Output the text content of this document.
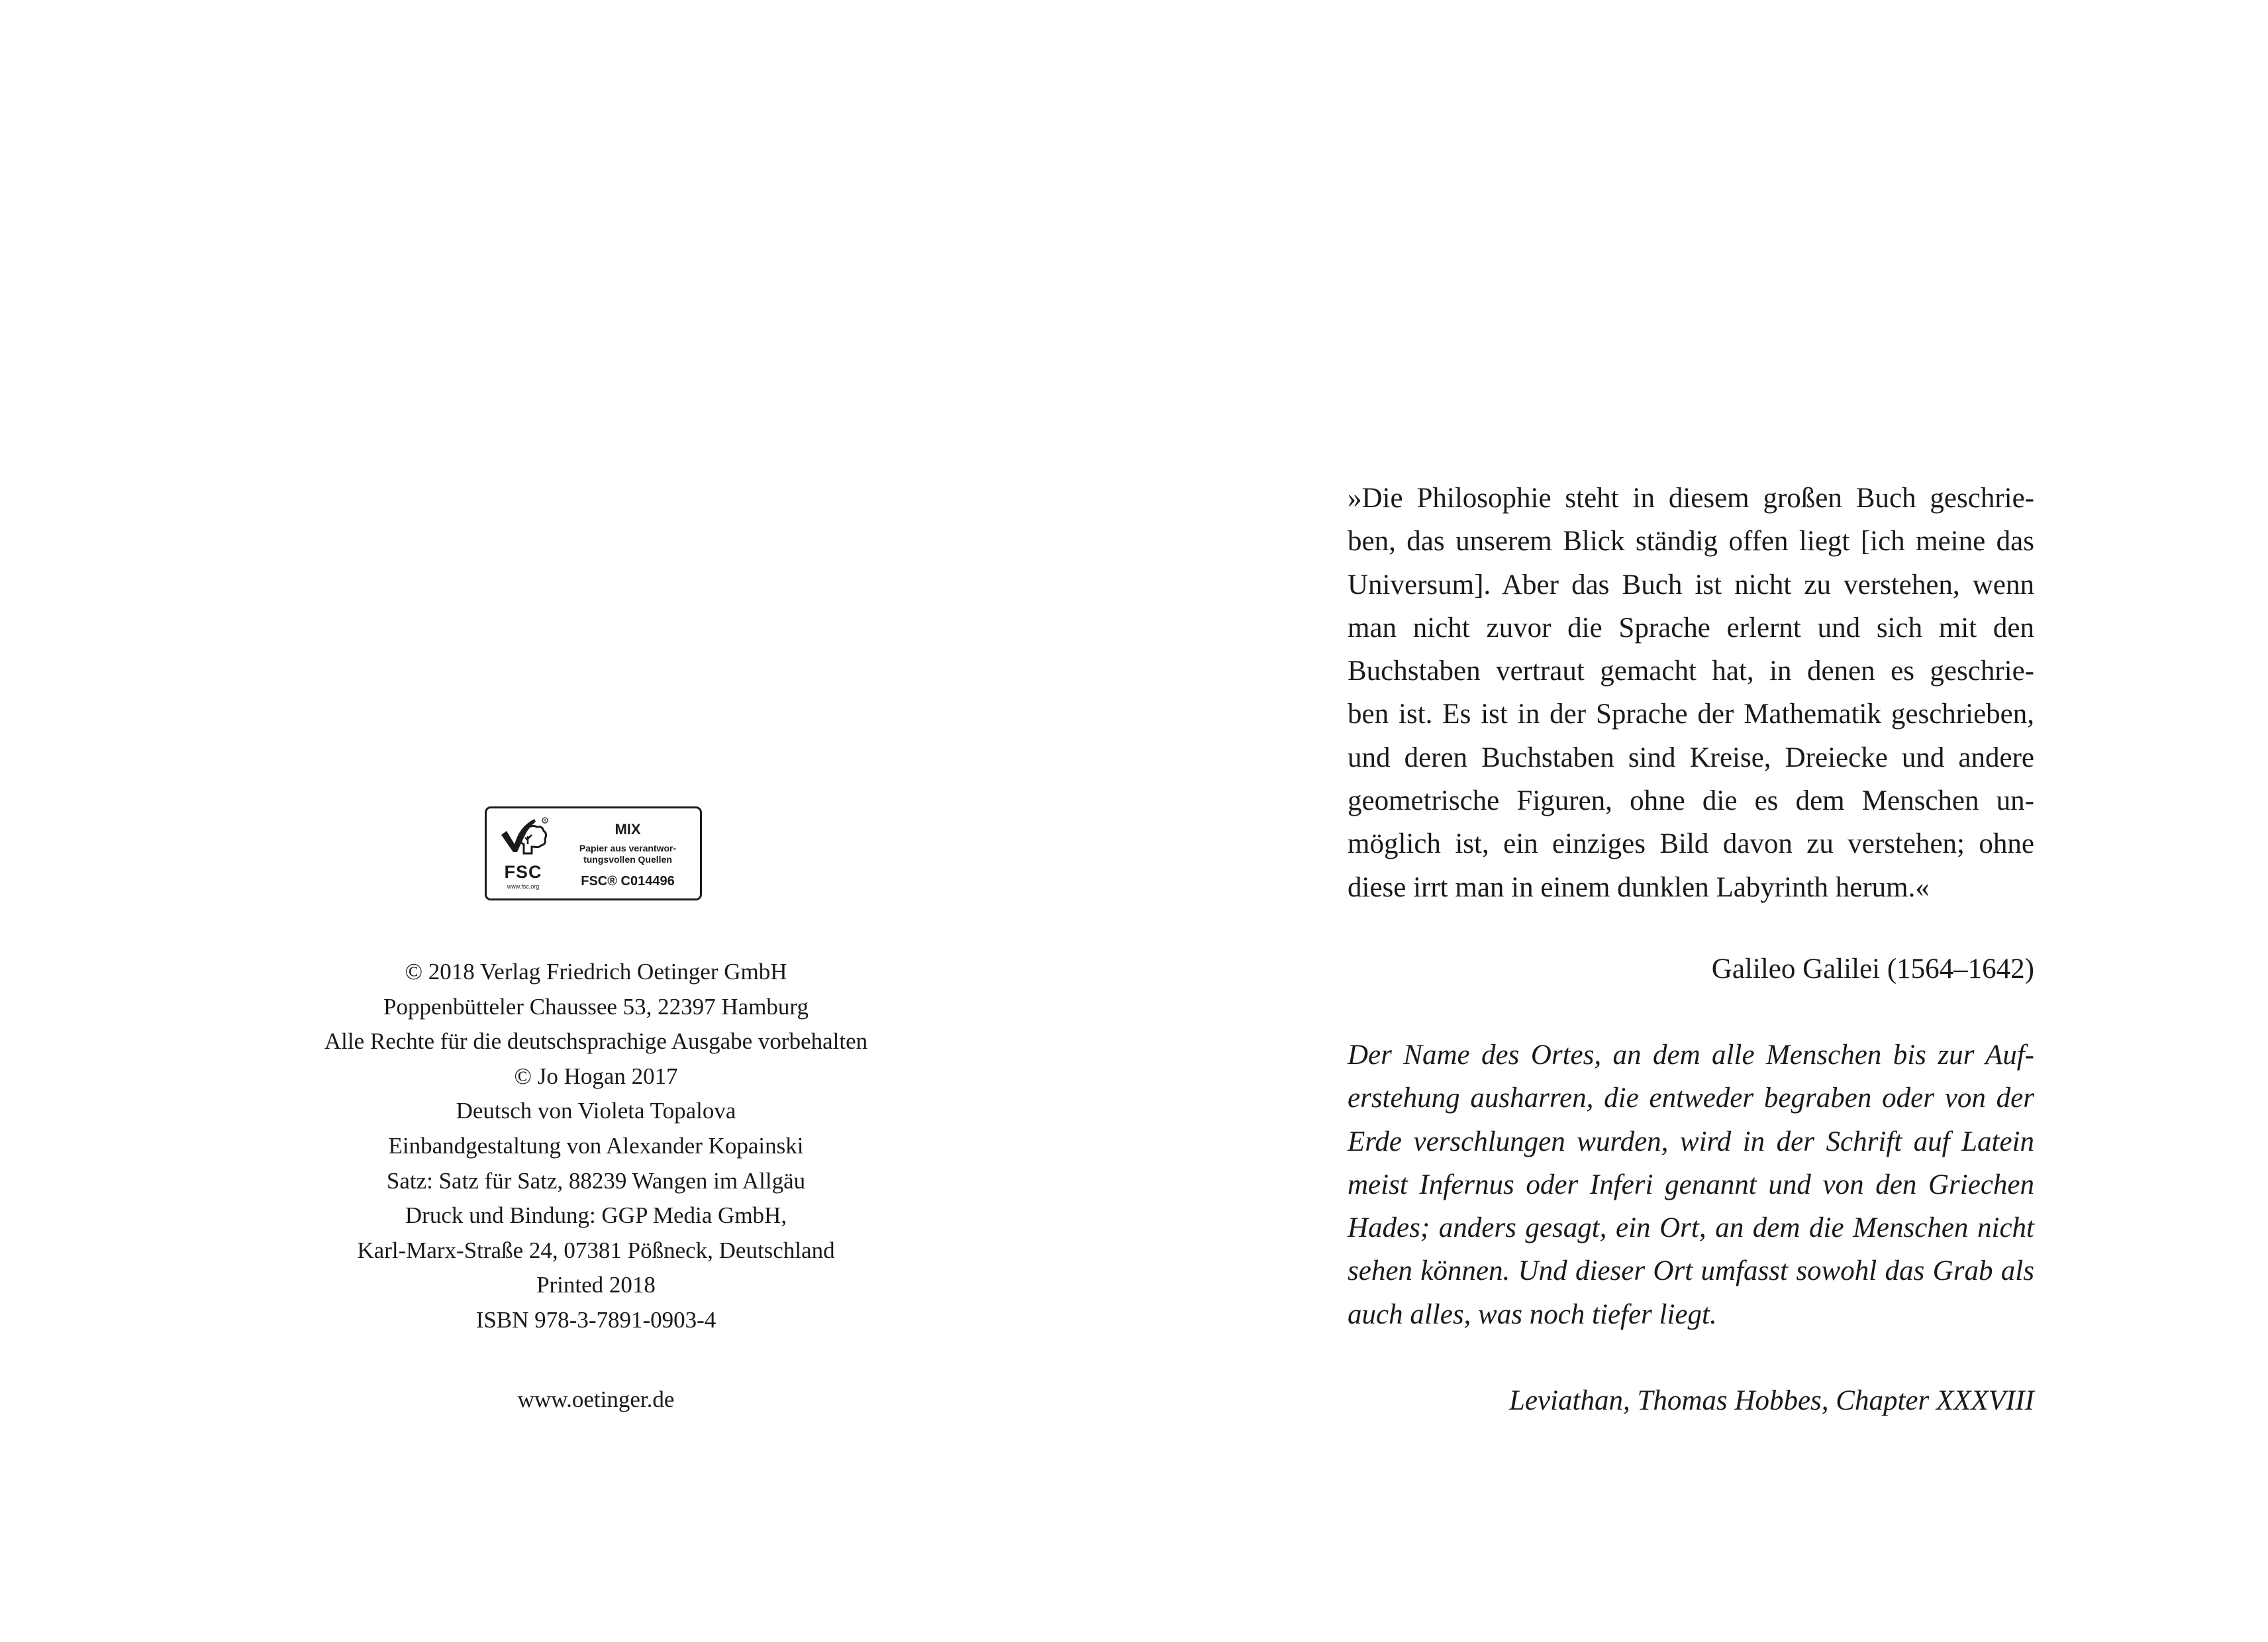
R
FSC
www.fsc.org
MIX
Papier aus verantwor-
tungsvollen Quellen
FSC® C014496
© 2018 Verlag Friedrich Oetinger GmbH
Poppenbütteler Chaussee 53, 22397 Hamburg
Alle Rechte für die deutschsprachige Ausgabe vorbehalten
© Jo Hogan 2017
Deutsch von Violeta Topalova
Einbandgestaltung von Alexander Kopainski
Satz: Satz für Satz, 88239 Wangen im Allgäu
Druck und Bindung: GGP Media GmbH,
Karl-Marx-Straße 24, 07381 Pößneck, Deutschland
Printed 2018
ISBN 978-3-7891-0903-4
www.oetinger.de
»Die Philosophie steht in diesem großen Buch geschrie-
ben, das unserem Blick ständig offen liegt [ich meine das
Universum]. Aber das Buch ist nicht zu verstehen, wenn
man nicht zuvor die Sprache erlernt und sich mit den
Buchstaben vertraut gemacht hat, in denen es geschrie-
ben ist. Es ist in der Sprache der Mathematik geschrieben,
und deren Buchstaben sind Kreise, Dreiecke und andere
geometrische Figuren, ohne die es dem Menschen un-
möglich ist, ein einziges Bild davon zu verstehen; ohne
diese irrt man in einem dunklen Labyrinth herum.«
Galileo Galilei (1564–1642)
Der Name des Ortes, an dem alle Menschen bis zur Auf-
erstehung ausharren, die entweder begraben oder von der
Erde verschlungen wurden, wird in der Schrift auf Latein
meist Infernus oder Inferi genannt und von den Griechen
Hades; anders gesagt, ein Ort, an dem die Menschen nicht
sehen können. Und dieser Ort umfasst sowohl das Grab als
auch alles, was noch tiefer liegt.
Leviathan, Thomas Hobbes, Chapter XXXVIII
